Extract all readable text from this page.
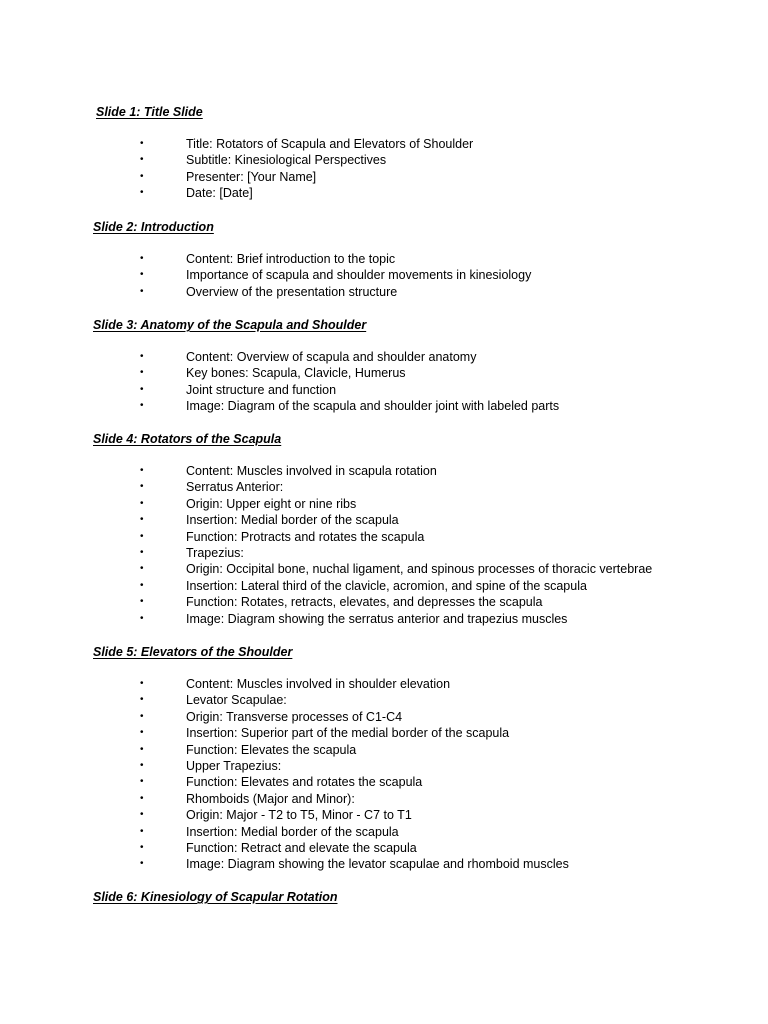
Slide 1: Title Slide
•	Title: Rotators of Scapula and Elevators of Shoulder
•	Subtitle: Kinesiological Perspectives
•	Presenter: [Your Name]
•	Date: [Date]
Slide 2: Introduction
•	Content: Brief introduction to the topic
•	Importance of scapula and shoulder movements in kinesiology
•	Overview of the presentation structure
Slide 3: Anatomy of the Scapula and Shoulder
•	Content: Overview of scapula and shoulder anatomy
•	Key bones: Scapula, Clavicle, Humerus
•	Joint structure and function
•	Image: Diagram of the scapula and shoulder joint with labeled parts
Slide 4: Rotators of the Scapula
•	Content: Muscles involved in scapula rotation
•	Serratus Anterior:
•	Origin: Upper eight or nine ribs
•	Insertion: Medial border of the scapula
•	Function: Protracts and rotates the scapula
•	Trapezius:
•	Origin: Occipital bone, nuchal ligament, and spinous processes of thoracic vertebrae
•	Insertion: Lateral third of the clavicle, acromion, and spine of the scapula
•	Function: Rotates, retracts, elevates, and depresses the scapula
•	Image: Diagram showing the serratus anterior and trapezius muscles
Slide 5: Elevators of the Shoulder
•	Content: Muscles involved in shoulder elevation
•	Levator Scapulae:
•	Origin: Transverse processes of C1-C4
•	Insertion: Superior part of the medial border of the scapula
•	Function: Elevates the scapula
•	Upper Trapezius:
•	Function: Elevates and rotates the scapula
•	Rhomboids (Major and Minor):
•	Origin: Major - T2 to T5, Minor - C7 to T1
•	Insertion: Medial border of the scapula
•	Function: Retract and elevate the scapula
•	Image: Diagram showing the levator scapulae and rhomboid muscles
Slide 6: Kinesiology of Scapular Rotation
